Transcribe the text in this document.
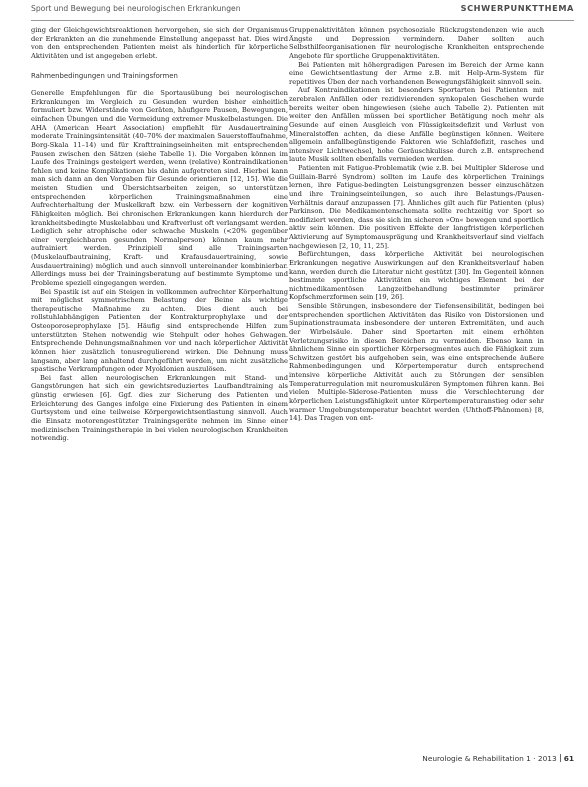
Sport und Bewegung bei neurologischen Erkrankungen	SCHWERPUNKTTHEMA

ging der Gleichgewichtsreaktionen hervorgehen, sie sich der Organismus der Erkrankten an die zunehmende Einstellung angepasst hat. Dies wird von den entsprechenden Patienten meist als hinderlich für körperliche Aktivitäten und ist angegeben erlebt.

Rahmenbedingungen und Trainingsformen

Generelle Empfehlungen für die Sportausübung bei neurologischen Erkrankungen im Vergleich zu Gesunden wurden bisher einheitlich formuliert bzw. Widerstände von Geräten, häufigere Pausen, Bewegungen, einfachen Übungen und die Vermeidung extremer Muskelbelastungen. Die AHA (American Heart Association) empfiehlt für Ausdauertraining moderate Trainingsintensität (40–70% der maximalen Sauerstoffaufnahme, Borg-Skala 11–14) und für Krafttrainingseinheiten mit entsprechenden Pausen zwischen den Sätzen (siehe Tabelle 1). Die Vorgaben können im Laufe des Trainings gesteigert werden, wenn (relative) Kontraindikationen fehlen und keine Komplikationen bis dahin aufgetreten sind. Hierbei kann man sich dann an den Vorgaben für Gesunde orientieren [12, 15]. Wie die meisten Studien und Übersichtsarbeiten zeigen, so unterstützen entsprechenden körperlichen Trainingsmaßnahmen eine Aufrechterhaltung der Muskelkraft bzw. ein Verbessern der kognitiven Fähigkeiten möglich. Bei chronischen Erkrankungen kann hierdurch der krankheitsbedingte Muskelabbau und Kraftverlust oft verlangsamt werden. Lediglich sehr atrophische oder schwache Muskeln (<20% gegenüber einer vergleichbaren gesunden Normalperson) können kaum mehr aufrainiert werden. Prinzipiell sind alle Trainingsarten (Muskelaufbautraining, Kraft- und Krafausdauertraining, sowie Ausdauertraining) möglich und auch sinnvoll untereinander kombinierbar. Allerdings muss bei der Trainingsberatung auf bestimmte Symptome und Probleme speziell eingegangen werden.

Bei Spastik ist auf ein Steigen in vollkommen aufrechter Körperhaltung mit möglichst symmetrischem Belastung der Beine als wichtige therapeutische Maßnahme zu achten. Dies dient auch bei rollstuhlabhängigen Patienten der Kontrakturprophylaxe und der Osteoporoseprophylaxe [5]. Häufig sind entsprechende Hilfen zum unterstützten Stehen notwendig wie Stehpult oder hohes Gehwagen. Entsprechende Dehnungsmaßnahmen vor und nach körperlicher Aktivität können hier zusätzlich tonusregulierend wirken. Die Dehnung muss langsam, aber lang anhaltend durchgeführt werden, um nicht zusätzliche spastische Verkrampfungen oder Myoklonien auszulösen.

Bei fast allen neurologischen Erkrankungen mit Stand- und Gangstörungen hat sich ein gewichtsreduziertes Laufbandtraining als günstig erwiesen [6]. Ggf. dies zur Sicherung des Patienten und Erleichterung des Ganges infolge eine Fixierung des Patienten in einem Gurtsystem und eine teilweise Körpergewichtsentlastung sinnvoll. Auch die Einsatz motorengestützter Trainingsgeräte nehmen im Sinne einer medizinischen Trainingstherapie in bei vielen neurologischen Krankheiten notwendig.

Gruppenaktivitäten können psychosoziale Rückzugstendenzen wie auch Ängste und Depression vermindern. Daher sollten auch Selbsthilfeorganisationen für neurologische Krankheiten entsprechende Angebote für sportliche Gruppenaktivitäten.

Bei Patienten mit höhergradigen Paresen im Bereich der Arme kann eine Gewichtsentlastung der Arme z.B. mit Help-Arm-System für repetitives Üben der nach vorhandenen Bewegungsfähigkeit sinnvoll sein.

Auf Kontraindikationen ist besonders Sportarten bei Patienten mit zerebralen Anfällen oder rezidivierenden synkopalen Geschehen wurde bereits weiter oben hingewiesen (siehe auch Tabelle 2). Patienten mit weiter den Anfällen müssen bei sportlicher Betätigung noch mehr als Gesunde auf einen Ausgleich von Flüssigkeitsdefizit und Verlust von Mineralstoffen achten, da diese Anfälle begünstigen können. Weitere allgemein anfallbegünstigende Faktoren wie Schlafdefizit, rasches und intensiver Lichtwechsel, hohe Geräuschkulisse durch z.B. entsprechend laute Musik sollten ebenfalls vermieden werden.

Patienten mit Fatigue-Problematik (wie z.B. bei Multipler Sklerose und Guillain-Barré Syndrom) sollten im Laufe des körperlichen Trainings lernen, ihre Fatigue-bedingten Leistungsgrenzen besser einzuschätzen und ihre Trainingseinteilungen, so auch ihre Belastungs-/Pausen-Verhältnis darauf anzupassen [7]. Ähnliches gilt auch für Patienten (plus) Parkinson. Die Medikamentenschemata sollte rechtzeitig vor Sport so modifiziert werden, dass sie sich im sicheren »On« bewegen und sportlich aktiv sein können. Die positiven Effekte der langfristigen körperlichen Aktivierung auf Symptomausprägung und Krankheitsverlauf sind vielfach nachgewiesen [2, 10, 11, 25].

Befürchtungen, dass körperliche Aktivität bei neurologischen Erkrankungen negative Auswirkungen auf den Krankheitsverlauf haben kann, werden durch die Literatur nicht gestützt [30]. Im Gegenteil können bestimmte sportliche Aktivitäten ein wichtiges Element bei der nichtmedikamentösen Langzeitbehandlung bestimmter primärer Kopfschmerzformen sein [19, 26].

Sensible Störungen, insbesondere der Tiefensensibilität, bedingen bei entsprechenden sportlichen Aktivitäten das Risiko von Distorsionen und Supinationstraumata insbesondere der unteren Extremitäten, und auch der Wirbelsäule. Daher sind Sportarten mit einem erhöhten Verletzungsrisiko in diesen Bereichen zu vermeiden. Ebenso kann in ähnlichem Sinne ein sportlicher Körpersegmentes auch die Fähigkeit zum Schwitzen gestört bis aufgehoben sein, was eine entsprechende äußere Rahmenbedingungen und Körpertemperatur durch entsprechend intensive körperliche Aktivität auch zu Störungen der sensiblen Temperaturregulation mit neuromuskulären Symptomen führen kann. Bei vielen Multiple-Sklerose-Patienten muss die Verschlechterung der körperlichen Leistungsfähigkeit unter Körpertemperaturanstieg oder sehr warmer Umgebungstemperatur beachtet werden (Uhthoff-Phänomen) [8, 14]. Das Tragen von ent-

Neurologie & Rehabilitation 1 · 2013 61
